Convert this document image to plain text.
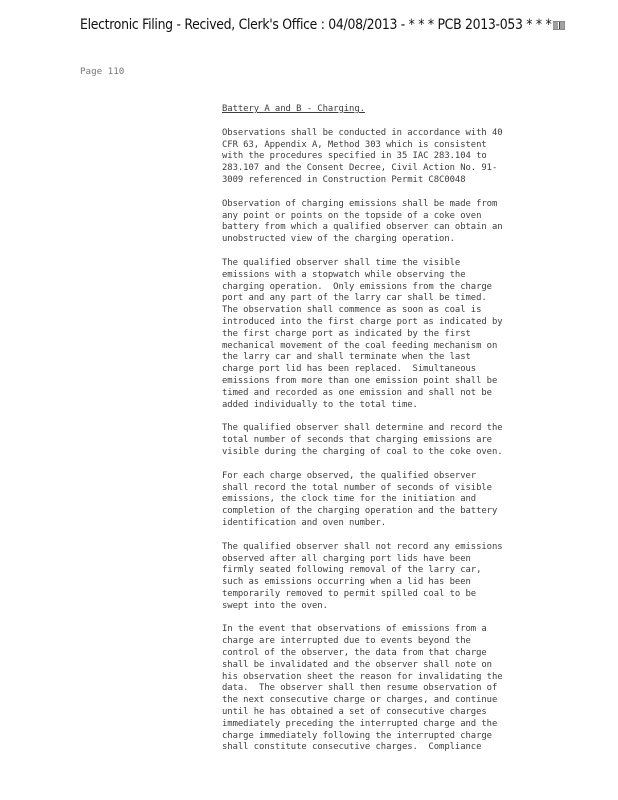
Electronic Filing - Recived, Clerk's Office : 04/08/2013 - * * * PCB 2013-053 * * *
Page 110
Battery A and B - Charging.
Observations shall be conducted in accordance with 40
CFR 63, Appendix A, Method 303 which is consistent
with the procedures specified in 35 IAC 283.104 to
283.107 and the Consent Decree, Civil Action No. 91-
3009 referenced in Construction Permit C8C0048
Observation of charging emissions shall be made from
any point or points on the topside of a coke oven
battery from which a qualified observer can obtain an
unobstructed view of the charging operation.
The qualified observer shall time the visible
emissions with a stopwatch while observing the
charging operation.  Only emissions from the charge
port and any part of the larry car shall be timed.
The observation shall commence as soon as coal is
introduced into the first charge port as indicated by
the first charge port as indicated by the first
mechanical movement of the coal feeding mechanism on
the larry car and shall terminate when the last
charge port lid has been replaced.  Simultaneous
emissions from more than one emission point shall be
timed and recorded as one emission and shall not be
added individually to the total time.
The qualified observer shall determine and record the
total number of seconds that charging emissions are
visible during the charging of coal to the coke oven.
For each charge observed, the qualified observer
shall record the total number of seconds of visible
emissions, the clock time for the initiation and
completion of the charging operation and the battery
identification and oven number.
The qualified observer shall not record any emissions
observed after all charging port lids have been
firmly seated following removal of the larry car,
such as emissions occurring when a lid has been
temporarily removed to permit spilled coal to be
swept into the oven.
In the event that observations of emissions from a
charge are interrupted due to events beyond the
control of the observer, the data from that charge
shall be invalidated and the observer shall note on
his observation sheet the reason for invalidating the
data.  The observer shall then resume observation of
the next consecutive charge or charges, and continue
until he has obtained a set of consecutive charges
immediately preceding the interrupted charge and the
charge immediately following the interrupted charge
shall constitute consecutive charges.  Compliance
